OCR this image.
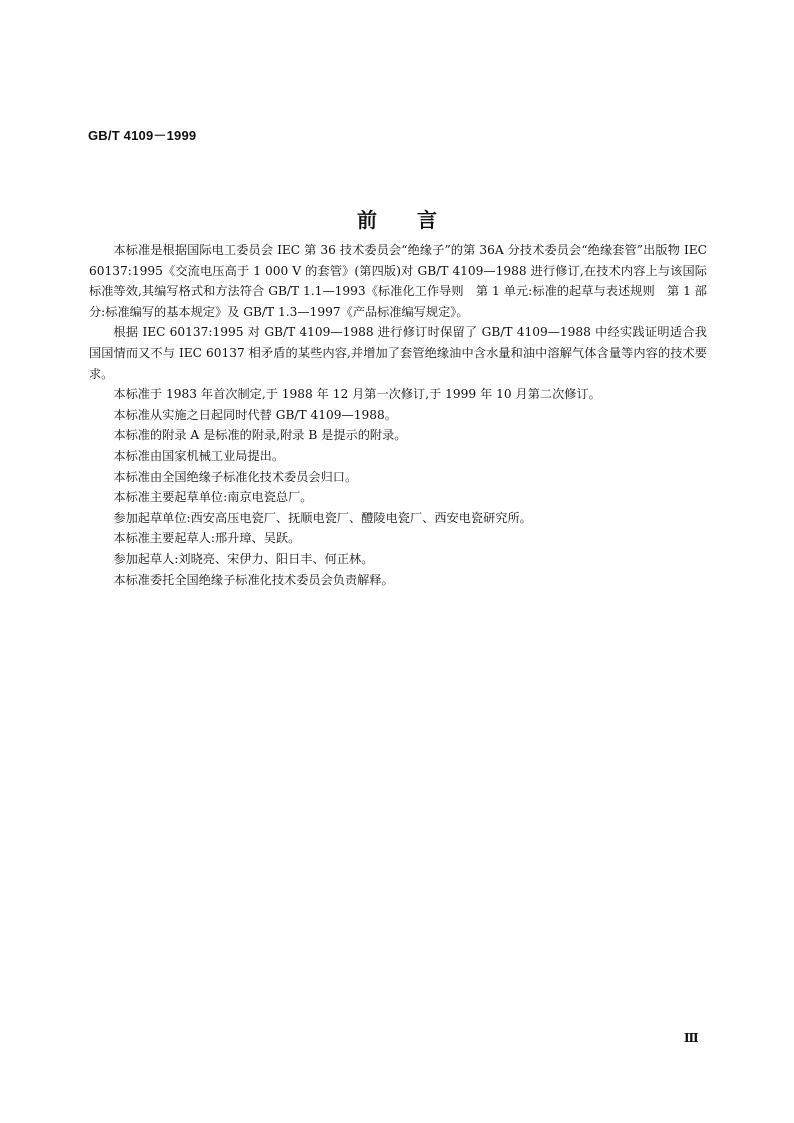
GB/T 4109－1999
前言

本标准是根据国际电工委员会 IEC 第 36 技术委员会“绝缘子”的第 36A 分技术委员会“绝缘套管”出版物 IEC 60137:1995《交流电压高于 1 000 V 的套管》(第四版)对 GB/T 4109—1988 进行修订,在技术内容上与该国际标准等效,其编写格式和方法符合 GB/T 1.1—1993《标准化工作导则　第 1 单元:标准的起草与表述规则　第 1 部分:标准编写的基本规定》及 GB/T 1.3—1997《产品标准编写规定》。

根据 IEC 60137:1995 对 GB/T 4109—1988 进行修订时保留了 GB/T 4109—1988 中经实践证明适合我国国情而又不与 IEC 60137 相矛盾的某些内容,并增加了套管绝缘油中含水量和油中溶解气体含量等内容的技术要求。

本标准于 1983 年首次制定,于 1988 年 12 月第一次修订,于 1999 年 10 月第二次修订。

本标准从实施之日起同时代替 GB/T 4109—1988。

本标准的附录 A 是标准的附录,附录 B 是提示的附录。

本标准由国家机械工业局提出。

本标准由全国绝缘子标准化技术委员会归口。

本标准主要起草单位:南京电瓷总厂。

参加起草单位:西安高压电瓷厂、抚顺电瓷厂、醴陵电瓷厂、西安电瓷研究所。

本标准主要起草人:邢升璋、吴跃。

参加起草人:刘晓亮、宋伊力、阳日丰、何正林。

本标准委托全国绝缘子标准化技术委员会负责解释。

Ⅲ
